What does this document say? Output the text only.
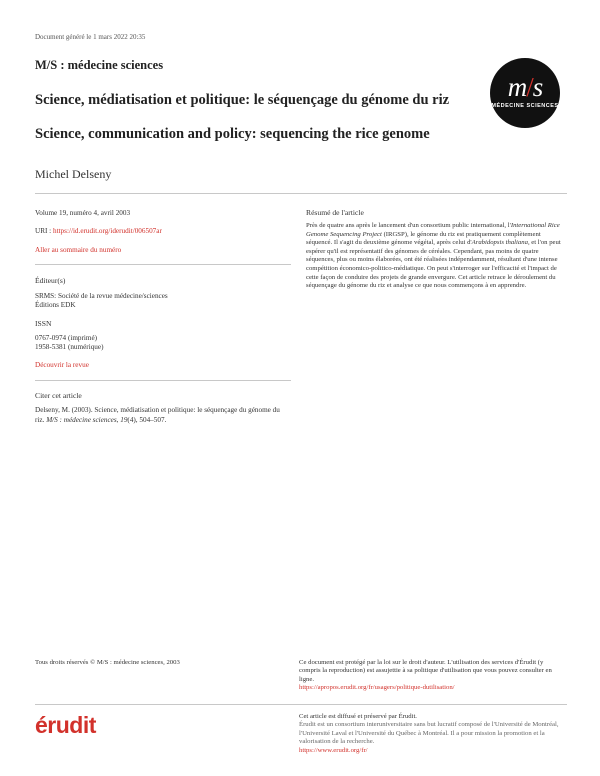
Document généré le 1 mars 2022 20:35
M/S : médecine sciences
m/s
MÉDECINE SCIENCES
Science, médiatisation et politique: le séquençage du génome du riz
Science, communication and policy: sequencing the rice genome
Michel Delseny
Volume 19, numéro 4, avril 2003
URI : https://id.erudit.org/iderudit/006507ar
Aller au sommaire du numéro
Éditeur(s)
SRMS: Société de la revue médecine/sciences
Éditions EDK
ISSN
0767-0974 (imprimé)
1958-5381 (numérique)
Découvrir la revue
Citer cet article
Delseny, M. (2003). Science, médiatisation et politique: le séquençage du génome du riz. M/S : médecine sciences, 19(4), 504–507.
Résumé de l'article
Près de quatre ans après le lancement d'un consortium public international, l'International Rice Genome Sequencing Project (IRGSP), le génome du riz est pratiquement complètement séquencé. Il s'agit du deuxième génome végétal, après celui d'Arabidopsis thaliana, et l'on peut espérer qu'il est représentatif des génomes de céréales. Cependant, pas moins de quatre séquences, plus ou moins élaborées, ont été réalisées indépendamment, résultant d'une intense compétition économico-politico-médiatique. On peut s'interroger sur l'efficacité et l'impact de cette façon de conduire des projets de grande envergure. Cet article retrace le déroulement du séquençage du génome du riz et analyse ce que nous commençons à en apprendre.
Tous droits réservés © M/S : médecine sciences, 2003	Ce document est protégé par la loi sur le droit d'auteur. L'utilisation des services d'Érudit (y compris la reproduction) est assujettie à sa politique d'utilisation que vous pouvez consulter en ligne.
https://apropos.erudit.org/fr/usagers/politique-dutilisation/
érudit	Cet article est diffusé et préservé par Érudit.
Érudit est un consortium interuniversitaire sans but lucratif composé de l'Université de Montréal, l'Université Laval et l'Université du Québec à Montréal. Il a pour mission la promotion et la valorisation de la recherche.
https://www.erudit.org/fr/
